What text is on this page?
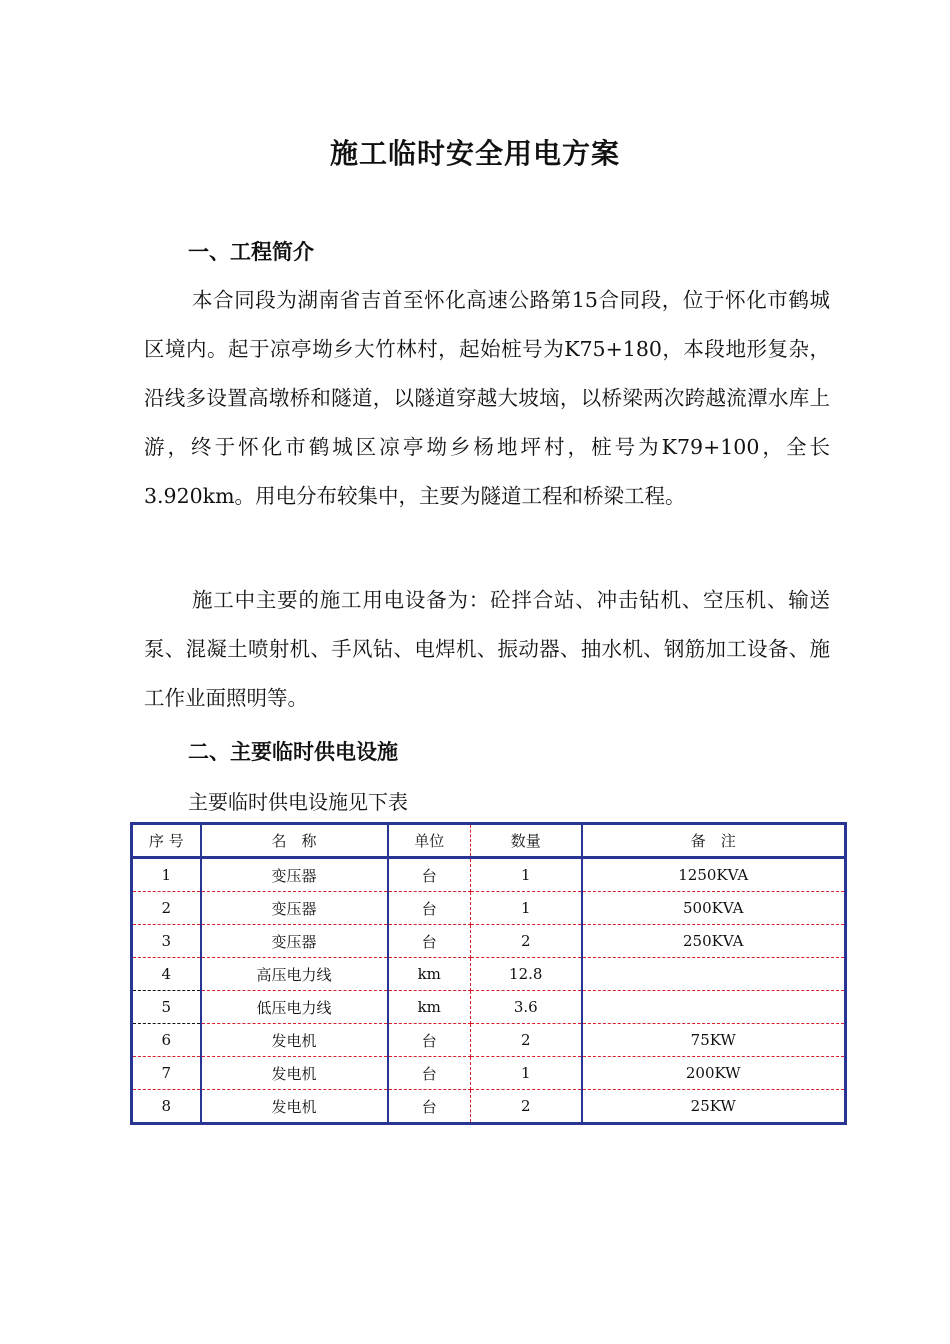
施工临时安全用电方案
一、工程简介
本合同段为湖南省吉首至怀化高速公路第15合同段，位于怀化市鹤城区境内。起于凉亭坳乡大竹林村，起始桩号为K75+180，本段地形复杂，沿线多设置高墩桥和隧道，以隧道穿越大坡垴，以桥梁两次跨越流潭水库上游，终于怀化市鹤城区凉亭坳乡杨地坪村，桩号为K79+100，全长3.920km。用电分布较集中，主要为隧道工程和桥梁工程。
施工中主要的施工用电设备为：砼拌合站、冲击钻机、空压机、输送泵、混凝土喷射机、手风钻、电焊机、振动器、抽水机、钢筋加工设备、施工作业面照明等。
二、主要临时供电设施
主要临时供电设施见下表
序 号	名　称	单位	数量	备　注
1	变压器	台	1	1250KVA
2	变压器	台	1	500KVA
3	变压器	台	2	250KVA
4	高压电力线	km	12.8	
5	低压电力线	km	3.6	
6	发电机	台	2	75KW
7	发电机	台	1	200KW
8	发电机	台	2	25KW
